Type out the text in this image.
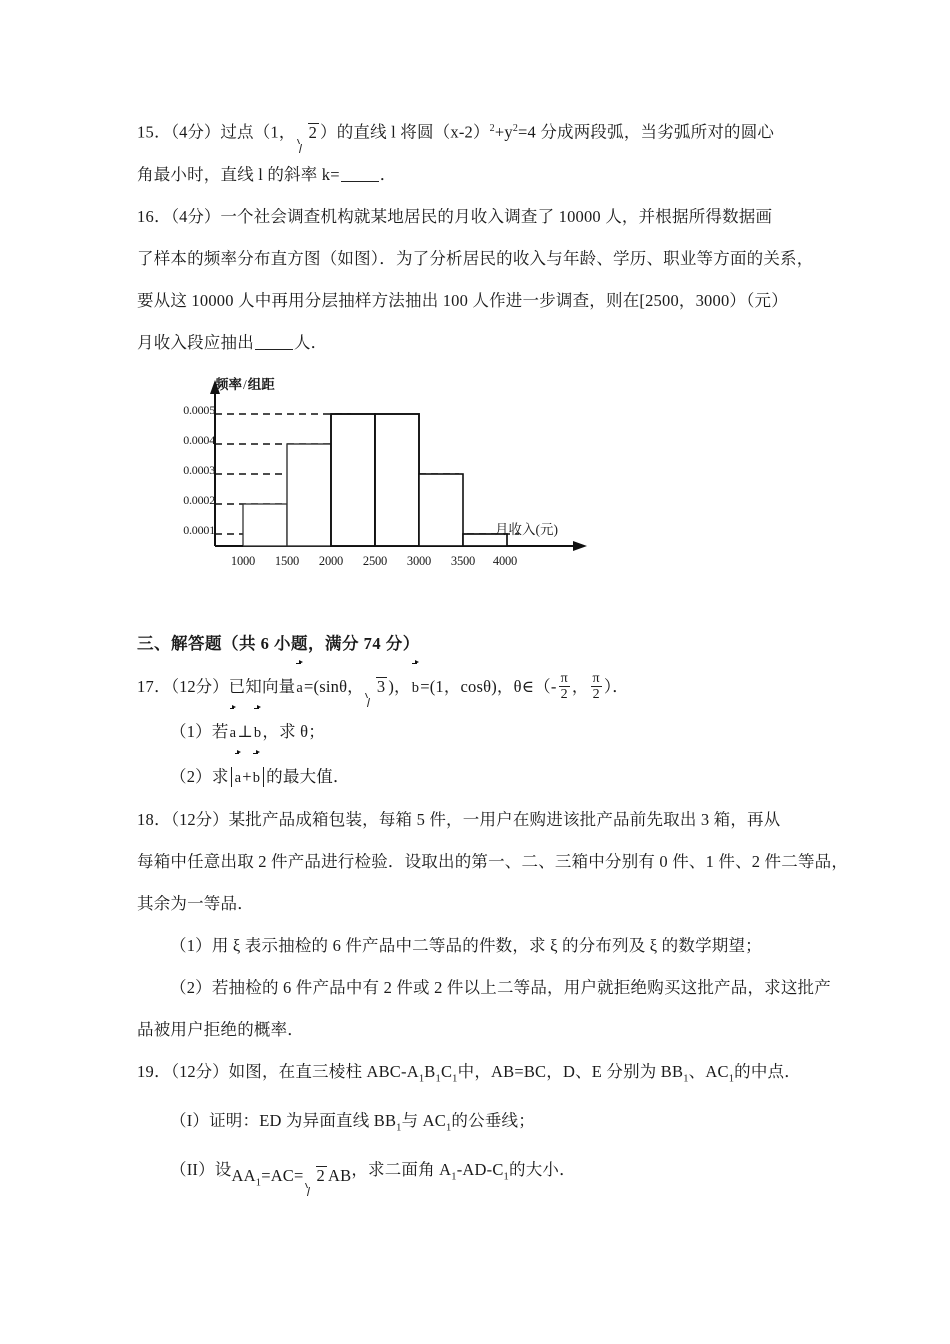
15．（4分）过点（1， 2 ）的直线 l 将圆$(x‑2)^2+y^2=4$ 分成两段弧，当劣弧所对的圆心
角最小时，直线 l 的斜率 k= ．
16．（4分）一个社会调查机构就某地居民的月收入调查了 10000 人，并根据所得数据画
了样本的频率分布直方图（如图）．为了分析居民的收入与年龄、学历、职业等方面的关系，
要从这 10000 人中再用分层抽样方法抽出 100 人作进一步调查，则在[2500，3000）（元）
月收入段应抽出 人．
频率/组距
月收入(元)
0.0001
0.0002
0.0003
0.0004
0.0005
1000 1500 2000 2500 3000 3500 4000
三、解答题（共 6 小题，满分 74 分）
17．（12分）已知向量a=(sinθ， 3 )，b=(1，cosθ)，θ∈（‑ $\frac{\pi}{2}$ ， $\frac{\pi}{2}$ ）．
（1）若a⊥b，求 θ；
（2）求 a+b 的最大值．
18．（12分）某批产品成箱包装，每箱 5 件，一用户在购进该批产品前先取出 3 箱，再从
每箱中任意出取 2 件产品进行检验．设取出的第一、二、三箱中分别有 0 件、1 件、2 件二等品，
其余为一等品．
（1）用 ξ 表示抽检的 6 件产品中二等品的件数，求 ξ 的分布列及 ξ 的数学期望；
（2）若抽检的 6 件产品中有 2 件或 2 件以上二等品，用户就拒绝购买这批产品，求这批产
品被用户拒绝的概率．
19．（12分）如图，在直三棱柱 $ABC‑A_1B_1C_1$中，AB=BC，D、E 分别为 $BB_1$、$AC_1$的中点．
（I）证明：ED 为异面直线 $BB_1$与 $AC_1$的公垂线；
（II）设$AA_1=AC= 2$ AB，求二面角 $A_1‑AD‑C_1$的大小．
